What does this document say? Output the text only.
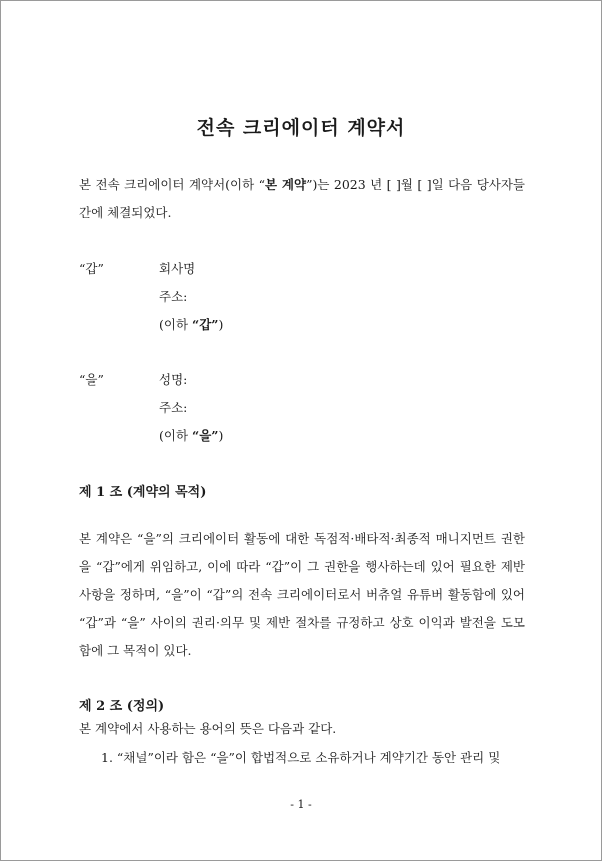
전속 크리에이터 계약서
본 전속 크리에이터 계약서(이하 “본 계약”)는 2023 년 [ ]월 [ ]일 다음 당사자들 간에 체결되었다.
“갑”	회사명
주소:
(이하 “갑”)
“을”	성명:
주소:
(이하 “을”)
제 1 조 (계약의 목적)
본 계약은 “을”의 크리에이터 활동에 대한 독점적·배타적·최종적 매니지먼트 권한을 “갑”에게 위임하고, 이에 따라 “갑”이 그 권한을 행사하는데 있어 필요한 제반 사항을 정하며, “을”이 “갑”의 전속 크리에이터로서 버츄얼 유튜버 활동함에 있어 “갑”과 “을” 사이의 권리·의무 및 제반 절차를 규정하고 상호 이익과 발전을 도모함에 그 목적이 있다.
제 2 조 (정의)
본 계약에서 사용하는 용어의 뜻은 다음과 같다.
1. “채널”이라 함은 “을”이 합법적으로 소유하거나 계약기간 동안 관리 및
- 1 -
